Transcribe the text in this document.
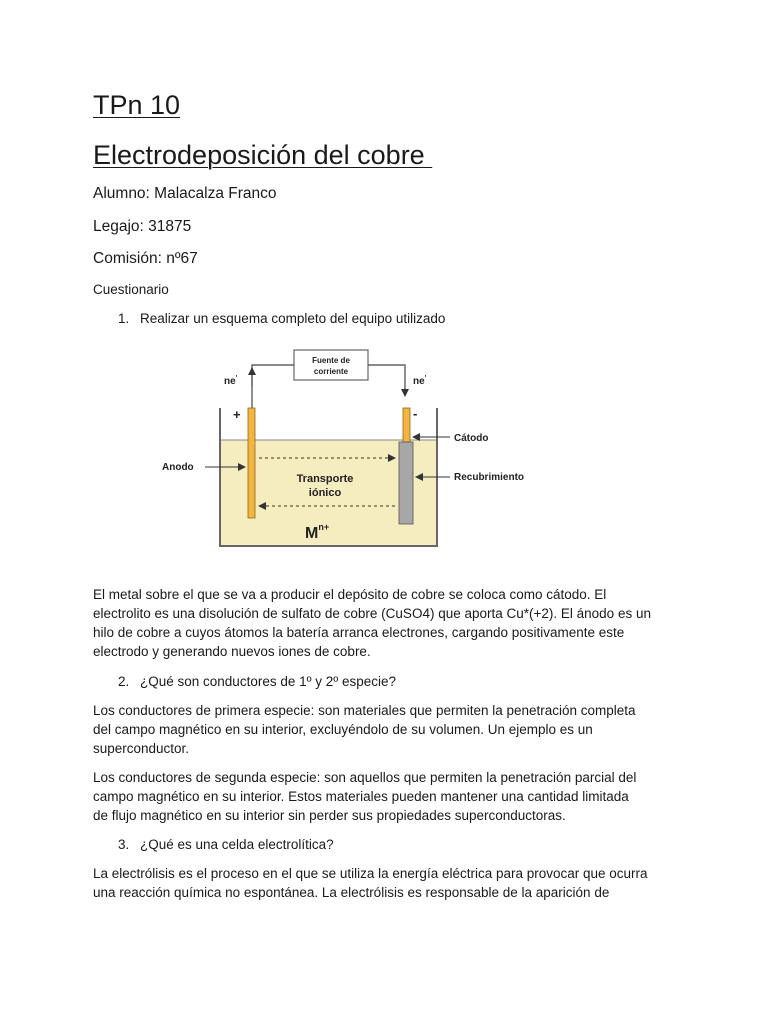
TPn 10
Electrodeposición del cobre

Alumno: Malacalza Franco

Legajo: 31875

Comisión: nº67

Cuestionario

1. Realizar un esquema completo del equipo utilizado

Fuente de
corriente
ne'	ne'
+	-
Transporte
iónico
$M^{n+}$
Anodo
Cátodo
Recubrimiento

El metal sobre el que se va a producir el depósito de cobre se coloca como cátodo. El
electrolito es una disolución de sulfato de cobre (CuSO4) que aporta Cu*(+2). El ánodo es un
hilo de cobre a cuyos átomos la batería arranca electrones, cargando positivamente este
electrodo y generando nuevos iones de cobre.

2. ¿Qué son conductores de 1º y 2º especie?

Los conductores de primera especie: son materiales que permiten la penetración completa
del campo magnético en su interior, excluyéndolo de su volumen. Un ejemplo es un
superconductor.

Los conductores de segunda especie: son aquellos que permiten la penetración parcial del
campo magnético en su interior. Estos materiales pueden mantener una cantidad limitada
de flujo magnético en su interior sin perder sus propiedades superconductoras.

3. ¿Qué es una celda electrolítica?

La electrólisis es el proceso en el que se utiliza la energía eléctrica para provocar que ocurra
una reacción química no espontánea. La electrólisis es responsable de la aparición de
